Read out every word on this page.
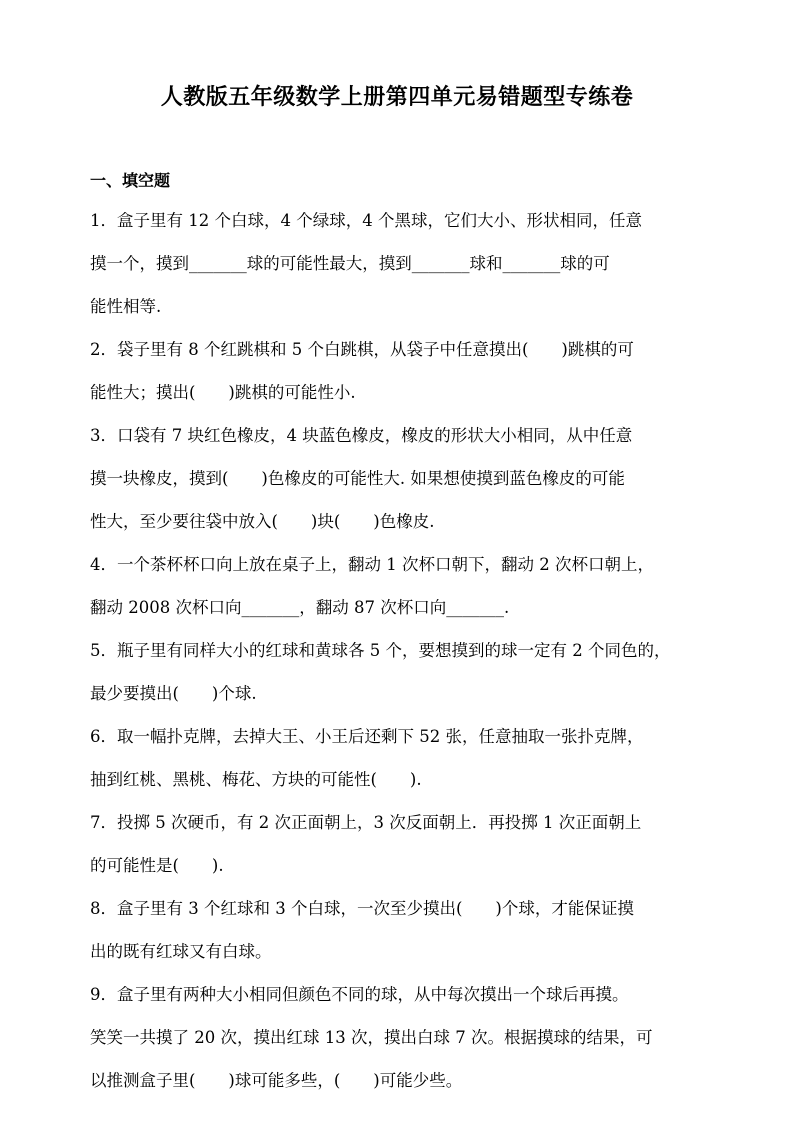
人教版五年级数学上册第四单元易错题型专练卷
一、填空题
1．盒子里有 12 个白球，4 个绿球，4 个黑球，它们大小、形状相同，任意
摸一个，摸到_______球的可能性最大，摸到_______球和_______球的可
能性相等.
2．袋子里有 8 个红跳棋和 5 个白跳棋，从袋子中任意摸出(　　)跳棋的可
能性大；摸出(　　)跳棋的可能性小.
3．口袋有 7 块红色橡皮，4 块蓝色橡皮，橡皮的形状大小相同，从中任意
摸一块橡皮，摸到(　　)色橡皮的可能性大. 如果想使摸到蓝色橡皮的可能
性大，至少要往袋中放入(　　)块(　　)色橡皮.
4．一个茶杯杯口向上放在桌子上，翻动 1 次杯口朝下，翻动 2 次杯口朝上，
翻动 2008 次杯口向_______，翻动 87 次杯口向_______.
5．瓶子里有同样大小的红球和黄球各 5 个，要想摸到的球一定有 2 个同色的，
最少要摸出(　　)个球.
6．取一幅扑克牌，去掉大王、小王后还剩下 52 张，任意抽取一张扑克牌，
抽到红桃、黑桃、梅花、方块的可能性(　　).
7．投掷 5 次硬币，有 2 次正面朝上，3 次反面朝上．再投掷 1 次正面朝上
的可能性是(　　).
8．盒子里有 3 个红球和 3 个白球，一次至少摸出(　　)个球，才能保证摸
出的既有红球又有白球。
9．盒子里有两种大小相同但颜色不同的球，从中每次摸出一个球后再摸。
笑笑一共摸了 20 次，摸出红球 13 次，摸出白球 7 次。根据摸球的结果，可
以推测盒子里(　　)球可能多些，(　　)可能少些。
